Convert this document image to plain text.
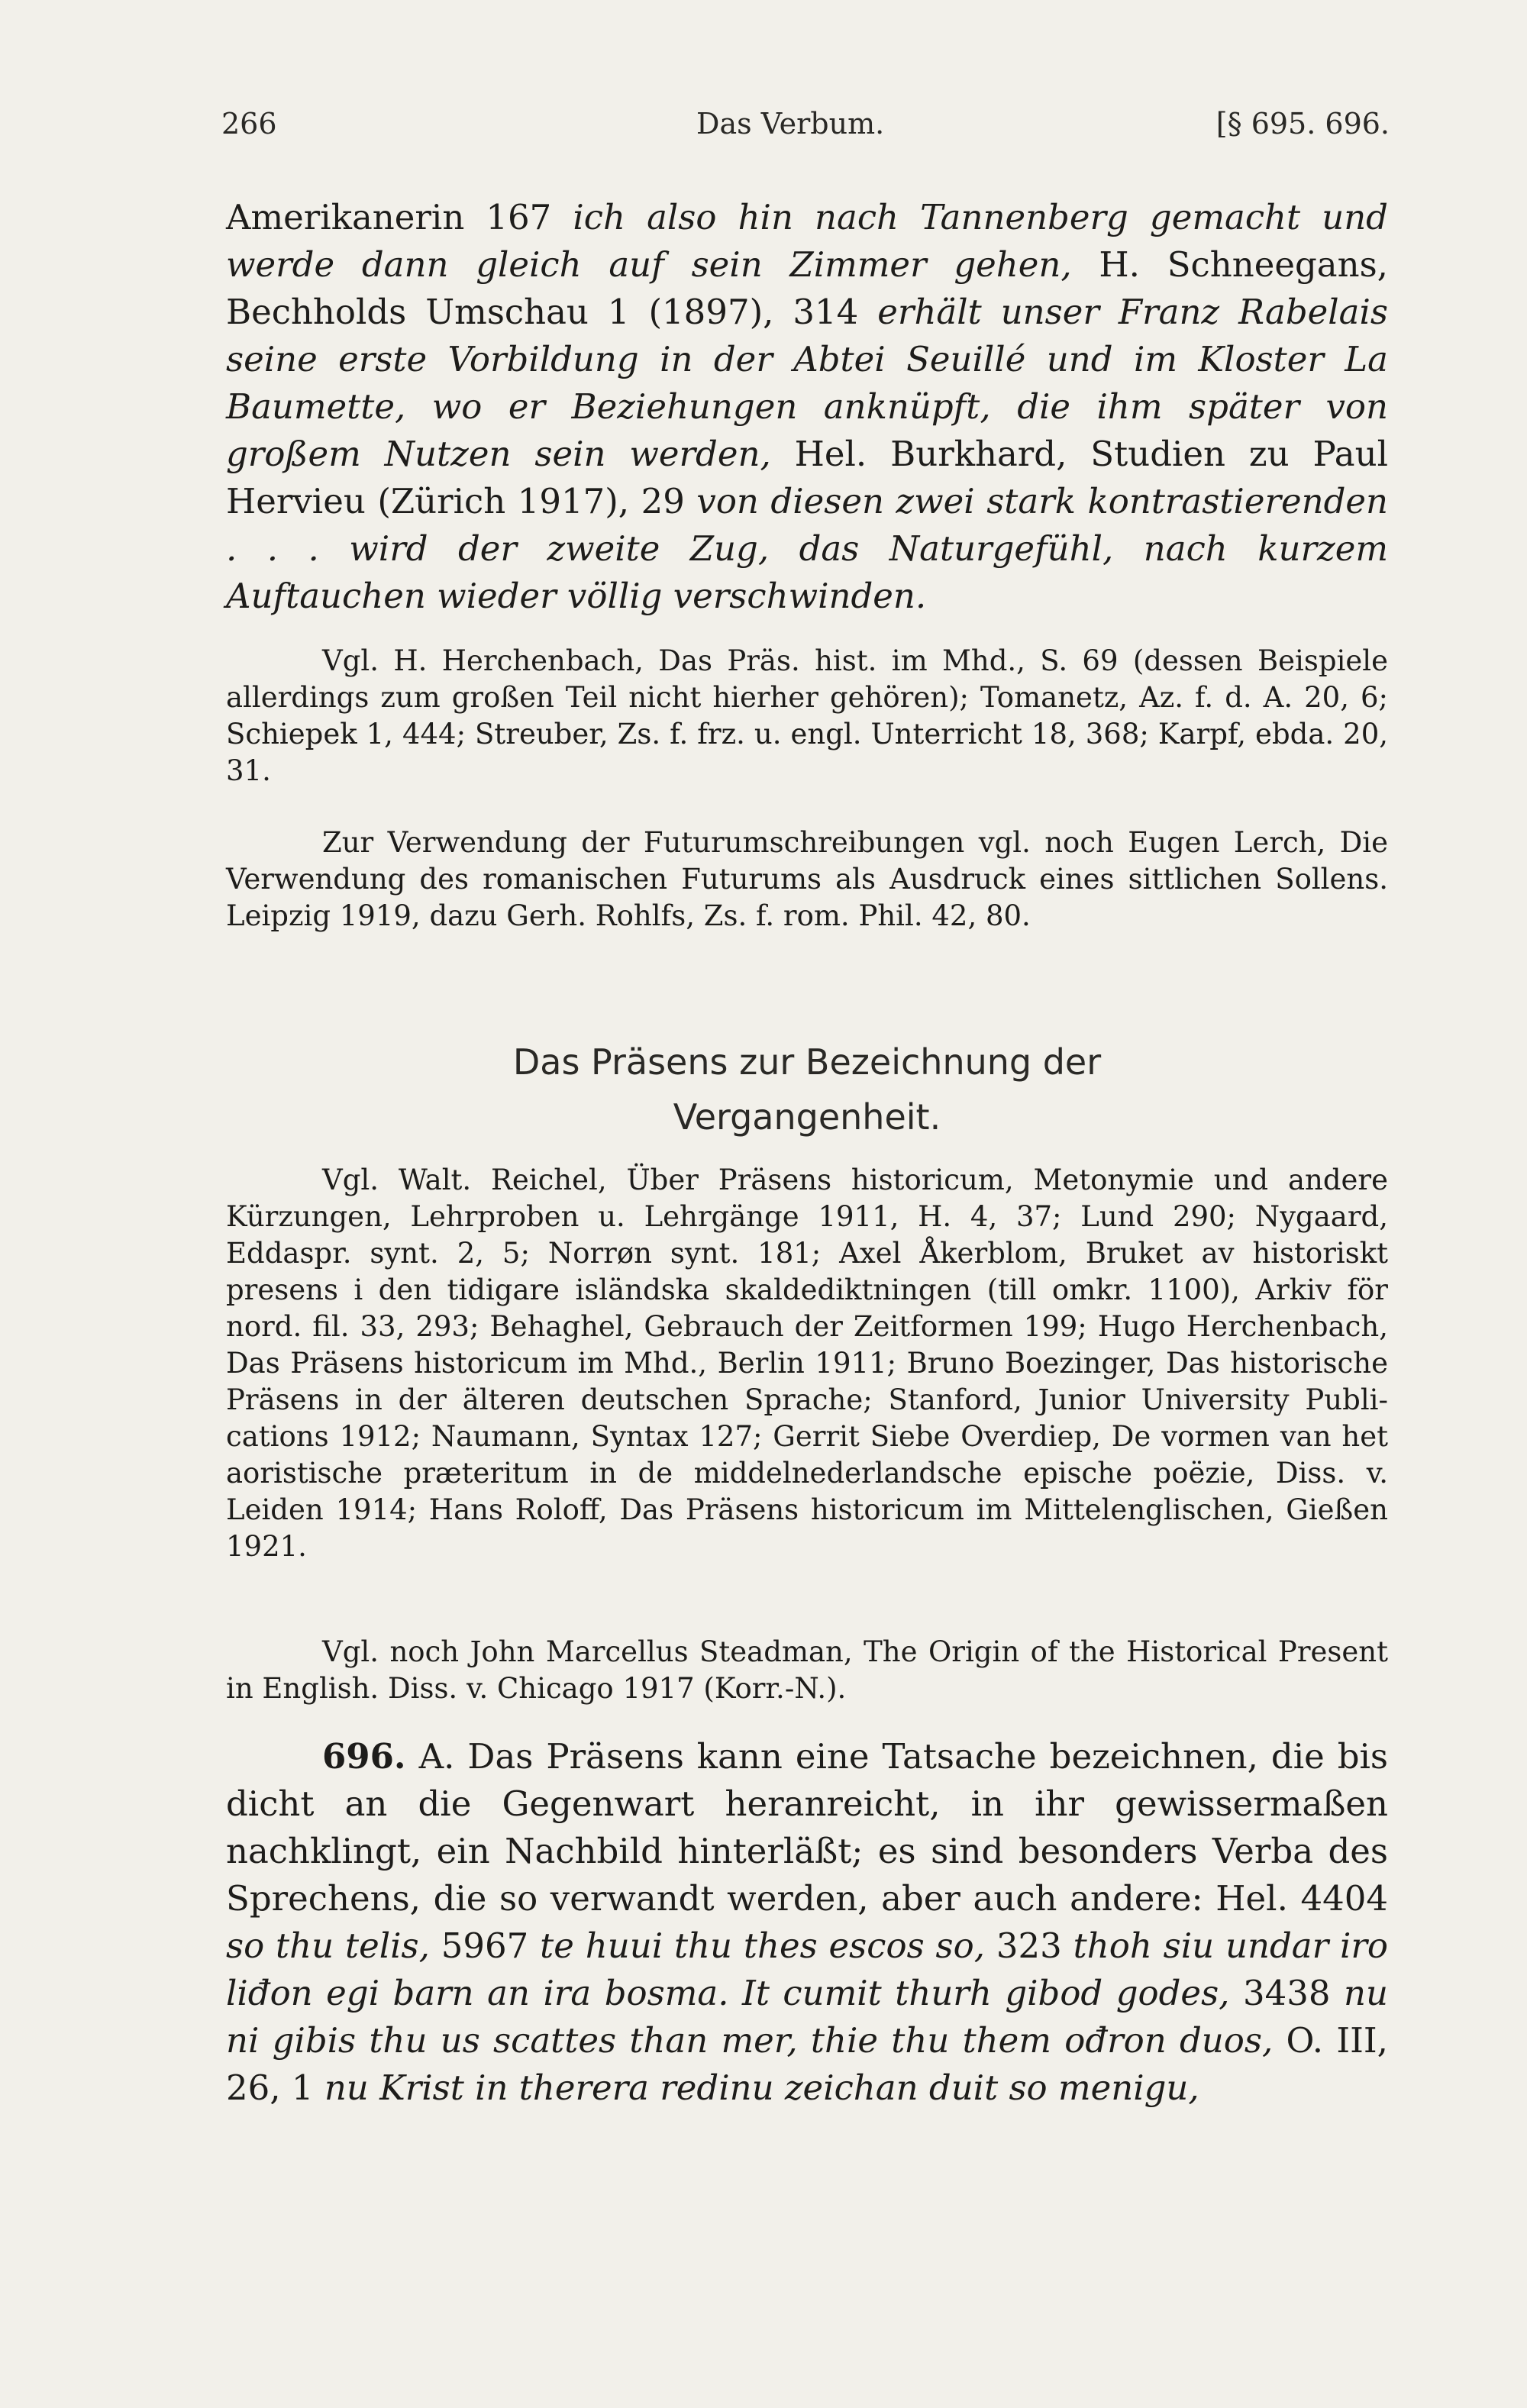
266	Das Verbum.	[§ 695. 696.
Amerikanerin 167 ich also hin nach Tannenberg gemacht und werde dann gleich auf sein Zimmer gehen, H. Schneegans, Bechholds Umschau 1 (1897), 314 erhält unser Franz Rabelais seine erste Vorbildung in der Abtei Seuillé und im Kloster La Baumette, wo er Beziehungen anknüpft, die ihm später von großem Nutzen sein werden, Hel. Burkhard, Studien zu Paul Hervieu (Zürich 1917), 29 von diesen zwei stark kontrastierenden . . . wird der zweite Zug, das Naturgefühl, nach kurzem Auftauchen wieder völlig verschwinden.
Vgl. H. Herchenbach, Das Präs. hist. im Mhd., S. 69 (dessen Beispiele allerdings zum großen Teil nicht hierher gehören); Tomanetz, Az. f. d. A. 20, 6; Schiepek 1, 444; Streuber, Zs. f. frz. u. engl. Unterricht 18, 368; Karpf, ebda. 20, 31.
Zur Verwendung der Futurumschreibungen vgl. noch Eugen Lerch, Die Verwendung des romanischen Futurums als Ausdruck eines sittlichen Sollens. Leipzig 1919, dazu Gerh. Rohlfs, Zs. f. rom. Phil. 42, 80.
Das Präsens zur Bezeichnung der
Vergangenheit.
Vgl. Walt. Reichel, Über Präsens historicum, Metonymie und andere Kürzungen, Lehrproben u. Lehrgänge 1911, H. 4, 37; Lund 290; Nygaard, Eddaspr. synt. 2, 5; Norrøn synt. 181; Axel Åkerblom, Bruket av historiskt presens i den tidigare isländska skaldediktningen (till omkr. 1100), Arkiv för nord. fil. 33, 293; Behaghel, Gebrauch der Zeitformen 199; Hugo Herchenbach, Das Präsens historicum im Mhd., Berlin 1911; Bruno Boezinger, Das historische Präsens in der älteren deutschen Sprache; Stanford, Junior University Publications 1912; Naumann, Syntax 127; Gerrit Siebe Overdiep, De vormen van het aoristische præteritum in de middelnederlandsche epische poëzie, Diss. v. Leiden 1914; Hans Roloff, Das Präsens historicum im Mittelenglischen, Gießen 1921.
Vgl. noch John Marcellus Steadman, The Origin of the Historical Present in English. Diss. v. Chicago 1917 (Korr.-N.).
696. A. Das Präsens kann eine Tatsache bezeichnen, die bis dicht an die Gegenwart heranreicht, in ihr gewissermaßen nachklingt, ein Nachbild hinterläßt; es sind besonders Verba des Sprechens, die so verwandt werden, aber auch andere: Hel. 4404 so thu telis, 5967 te huui thu thes escos so, 323 thoh siu undar iro liđon egi barn an ira bosma. It cumit thurh gibod godes, 3438 nu ni gibis thu us scattes than mer, thie thu them ođron duos, O. III, 26, 1 nu Krist in therera redinu zeichan duit so menigu,
